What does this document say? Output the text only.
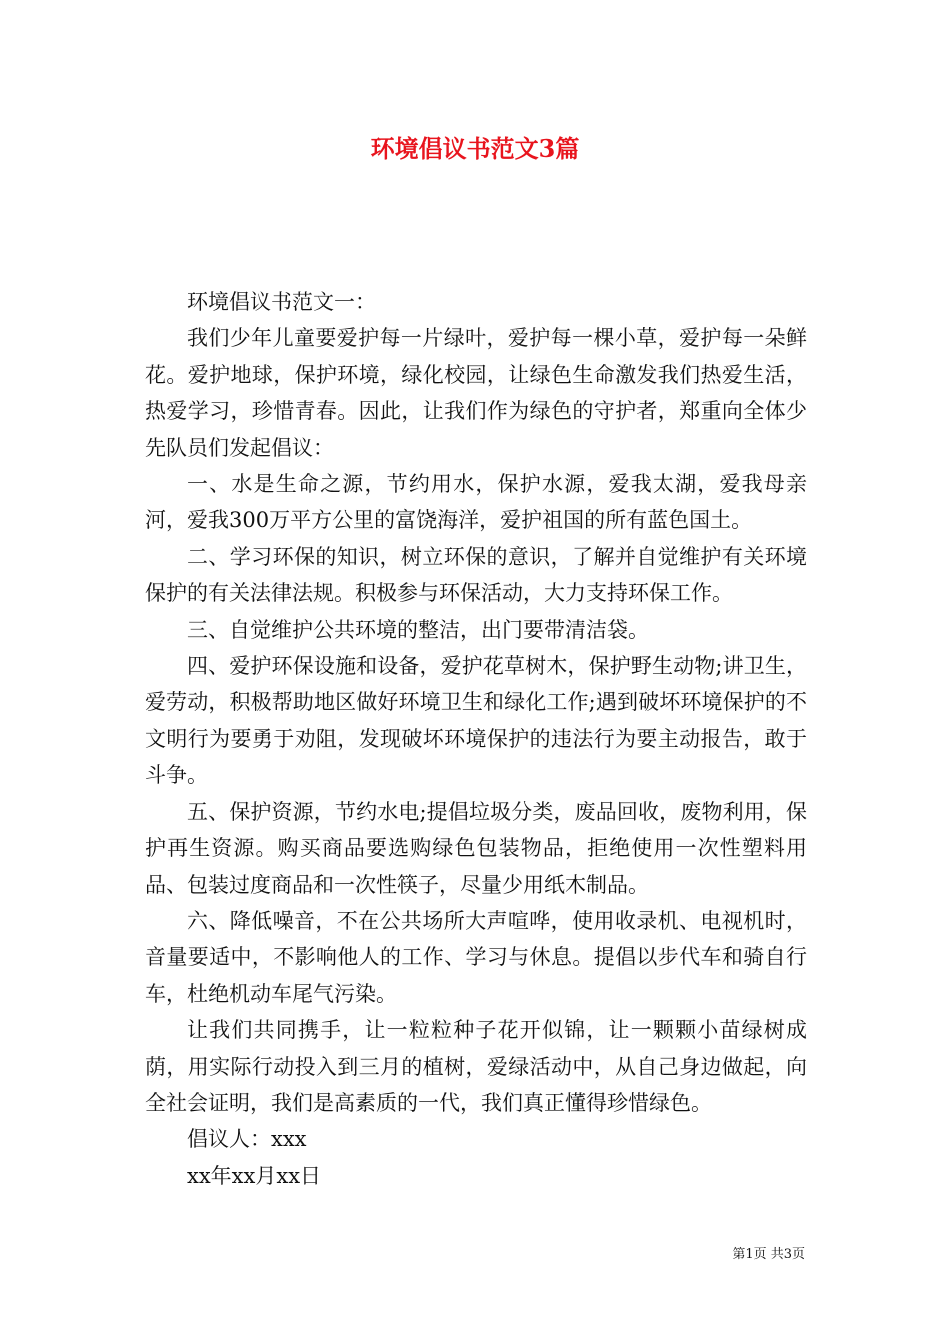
环境倡议书范文3篇

环境倡议书范文一：

我们少年儿童要爱护每一片绿叶，爱护每一棵小草，爱护每一朵鲜花。爱护地球，保护环境，绿化校园，让绿色生命激发我们热爱生活，热爱学习，珍惜青春。因此，让我们作为绿色的守护者，郑重向全体少先队员们发起倡议：

一、水是生命之源，节约用水，保护水源，爱我太湖，爱我母亲河，爱我300万平方公里的富饶海洋，爱护祖国的所有蓝色国土。

二、学习环保的知识，树立环保的意识，了解并自觉维护有关环境保护的有关法律法规。积极参与环保活动，大力支持环保工作。

三、自觉维护公共环境的整洁，出门要带清洁袋。

四、爱护环保设施和设备，爱护花草树木，保护野生动物;讲卫生，爱劳动，积极帮助地区做好环境卫生和绿化工作;遇到破坏环境保护的不文明行为要勇于劝阻，发现破坏环境保护的违法行为要主动报告，敢于斗争。

五、保护资源，节约水电;提倡垃圾分类，废品回收，废物利用，保护再生资源。购买商品要选购绿色包装物品，拒绝使用一次性塑料用品、包装过度商品和一次性筷子，尽量少用纸木制品。

六、降低噪音，不在公共场所大声喧哗，使用收录机、电视机时，音量要适中，不影响他人的工作、学习与休息。提倡以步代车和骑自行车，杜绝机动车尾气污染。

让我们共同携手，让一粒粒种子花开似锦，让一颗颗小苗绿树成荫，用实际行动投入到三月的植树，爱绿活动中，从自己身边做起，向全社会证明，我们是高素质的一代，我们真正懂得珍惜绿色。

倡议人：xxx

xx年xx月xx日

第1页 共3页
